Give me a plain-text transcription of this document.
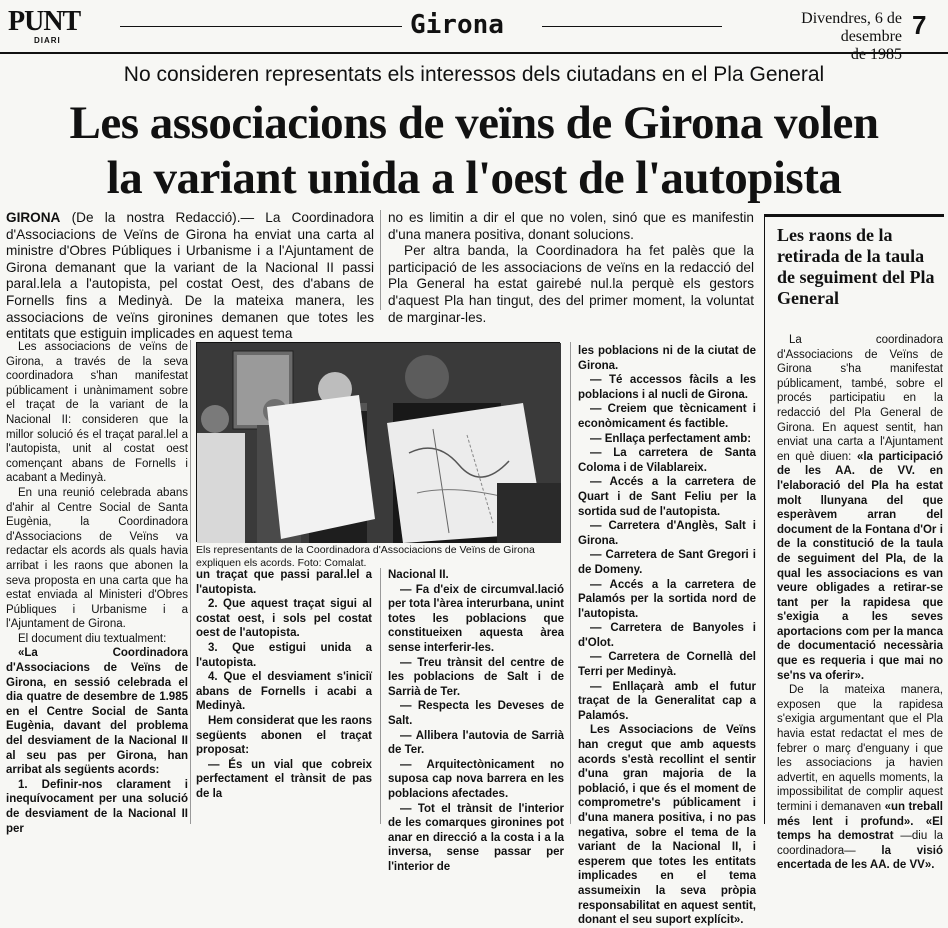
PUNT
DIARI
Girona	Divendres, 6 de desembre
de 1985
7
No consideren representats els interessos dels ciutadans en el Pla General
Les associacions de veïns de Girona volen
la variant unida a l'oest de l'autopista

GIRONA (De la nostra Redacció).— La Coordinadora d'Associacions de Veïns de Girona ha enviat una carta al ministre d'Obres Públiques i Urbanisme i a l'Ajuntament de Girona demanant que la variant de la Nacional II passi paral.lela a l'autopista, pel costat Oest, des d'abans de Fornells fins a Medinyà. De la mateixa manera, les associacions de veïns gironines demanen que totes les entitats que estiguin implicades en aquest tema

no es limitin a dir el que no volen, sinó que es manifestin d'una manera positiva, donant solucions.

Per altra banda, la Coordinadora ha fet palès que la participació de les associacions de veïns en la redacció del Pla General ha estat gairebé nul.la perquè els gestors d'aquest Pla han tingut, des del primer moment, la voluntat de marginar-les.

Les associacions de veïns de Girona, a través de la seva coordinadora s'han manifestat públicament i unànimament sobre el traçat de la variant de la Nacional II: consideren que la millor solució és el traçat paral.lel a l'autopista, unit al costat oest començant abans de Fornells i acabant a Medinyà.

En una reunió celebrada abans d'ahir al Centre Social de Santa Eugènia, la Coordinadora d'Associacions de Veïns va redactar els acords als quals havia arribat i les raons que abonen la seva proposta en una carta que ha estat enviada al Ministeri d'Obres Públiques i Urbanisme i a l'Ajuntament de Girona.

El document diu textualment:

«La Coordinadora d'Associacions de Veïns de Girona, en sessió celebrada el dia quatre de desembre de 1.985 en el Centre Social de Santa Eugènia, davant del problema del desviament de la Nacional II al seu pas per Girona, han arribat als següents acords:

1. Definir-nos clarament i inequívocament per una solució de desviament de la Nacional II per

Els representants de la Coordinadora d'Associacions de Veïns de Girona expliquen els acords. Foto: Comalat.

un traçat que passi paral.lel a l'autopista.

2. Que aquest traçat sigui al costat oest, i sols pel costat oest de l'autopista.

3. Que estigui unida a l'autopista.

4. Que el desviament s'iniciï abans de Fornells i acabi a Medinyà.

Hem considerat que les raons següents abonen el traçat proposat:

— És un vial que cobreix perfectament el trànsit de pas de la

Nacional II.

— Fa d'eix de circumval.lació per tota l'àrea interurbana, unint totes les poblacions que constitueixen aquesta àrea sense interferir-les.

— Treu trànsit del centre de les poblacions de Salt i de Sarrià de Ter.

— Respecta les Deveses de Salt.

— Allibera l'autovia de Sarrià de Ter.

— Arquitectònicament no suposa cap nova barrera en les poblacions afectades.

— Tot el trànsit de l'interior de les comarques gironines pot anar en direcció a la costa i a la inversa, sense passar per l'interior de

les poblacions ni de la ciutat de Girona.

— Té accessos fàcils a les poblacions i al nucli de Girona.

— Creiem que tècnicament i econòmicament és factible.

— Enllaça perfectament amb:

— La carretera de Santa Coloma i de Vilablareix.

— Accés a la carretera de Quart i de Sant Feliu per la sortida sud de l'autopista.

— Carretera d'Anglès, Salt i Girona.

— Carretera de Sant Gregori i de Domeny.

— Accés a la carretera de Palamós per la sortida nord de l'autopista.

— Carretera de Banyoles i d'Olot.

— Carretera de Cornellà del Terri per Medinyà.

— Enllaçarà amb el futur traçat de la Generalitat cap a Palamós.

Les Associacions de Veïns han cregut que amb aquests acords s'està recollint el sentir d'una gran majoria de la població, i que és el moment de comprometre's públicament i d'una manera positiva, i no pas negativa, sobre el tema de la variant de la Nacional II, i esperem que totes les entitats implicades en el tema assumeixin la seva pròpia responsabilitat en aquest sentit, donant el seu suport explícit».

Les raons de la retirada de la taula de seguiment del Pla General

La coordinadora d'Associacions de Veïns de Girona s'ha manifestat públicament, també, sobre el procés participatiu en la redacció del Pla General de Girona. En aquest sentit, han enviat una carta a l'Ajuntament en què diuen: «la participació de les AA. de VV. en l'elaboració del Pla ha estat molt llunyana del que esperàvem arran del document de la Fontana d'Or i de la constitució de la taula de seguiment del Pla, de la qual les associacions es van veure obligades a retirar-se tant per la rapidesa que s'exigia a les seves aportacions com per la manca de documentació necessària que es requeria i que mai no se'ns va oferir».

De la mateixa manera, exposen que la rapidesa s'exigia argumentant que el Pla havia estat redactat el mes de febrer o març d'enguany i que les associacions ja havien advertit, en aquells moments, la impossibilitat de complir aquest termini i demanaven «un treball més lent i profund». «El temps ha demostrat —diu la coordinadora— la visió encertada de les AA. de VV».
